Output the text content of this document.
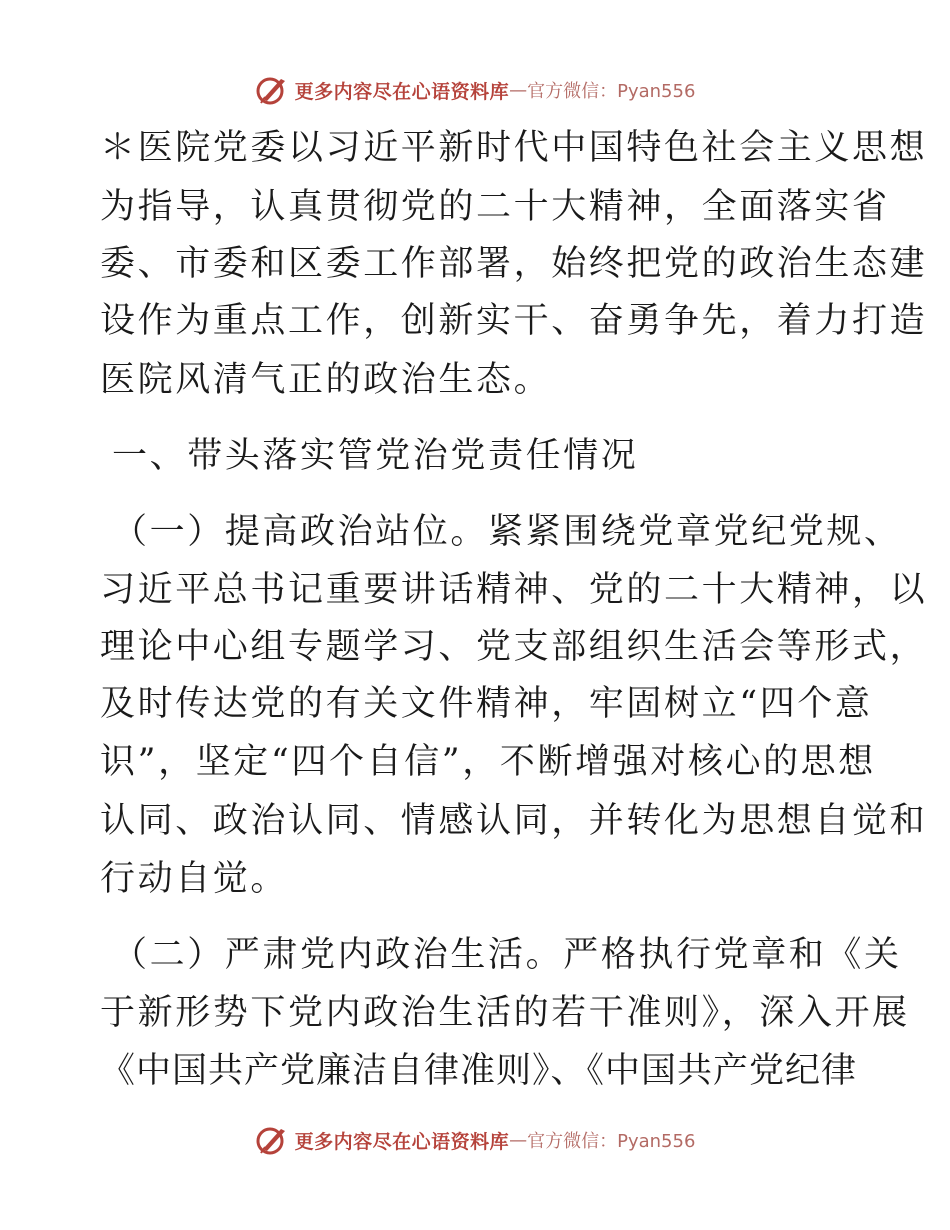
更多内容尽在心语资料库 — 官方微信：Pyan556
＊医院党委以习近平新时代中国特色社会主义思想
为指导，认真贯彻党的二十大精神，全面落实省
委、市委和区委工作部署，始终把党的政治生态建
设作为重点工作，创新实干、奋勇争先，着力打造
医院风清气正的政治生态。
一、带头落实管党治党责任情况
（一）提高政治站位。紧紧围绕党章党纪党规、
习近平总书记重要讲话精神、党的二十大精神，以
理论中心组专题学习、党支部组织生活会等形式，
及时传达党的有关文件精神，牢固树立“四个意
识”，坚定“四个自信”，不断增强对核心的思想
认同、政治认同、情感认同，并转化为思想自觉和
行动自觉。
（二）严肃党内政治生活。严格执行党章和《关
于新形势下党内政治生活的若干准则》，深入开展
《中国共产党廉洁自律准则》、《中国共产党纪律
更多内容尽在心语资料库 — 官方微信：Pyan556
